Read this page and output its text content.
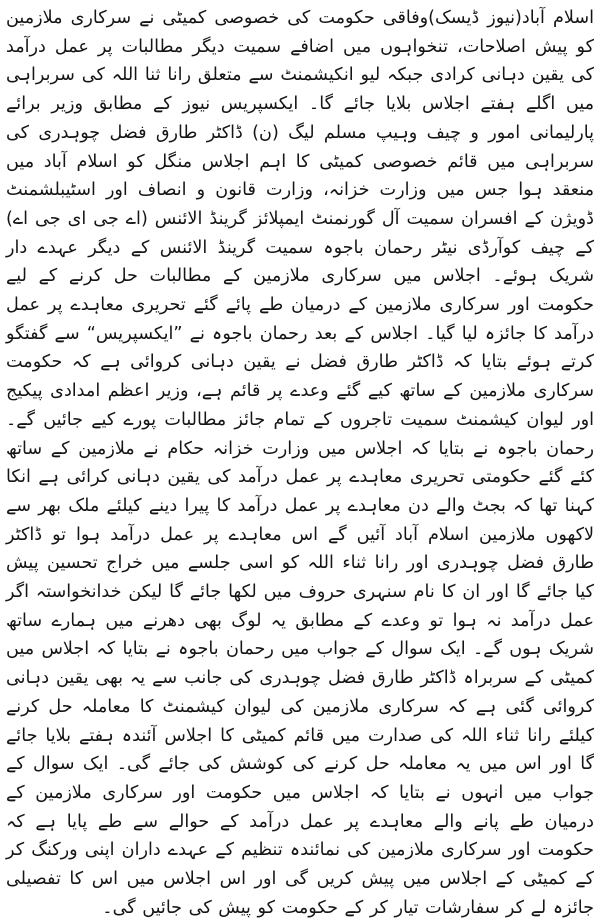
اسلام آباد(نیوز ڈیسک)وفاقی حکومت کی خصوصی کمیٹی نے سرکاری ملازمین کو پیش اصلاحات، تنخواہوں میں اضافے سمیت دیگر مطالبات پر عمل درآمد کی یقین دہانی کرادی جبکہ لیو انکیشمنٹ سے متعلق رانا ثنا اللہ کی سربراہی میں اگلے ہفتے اجلاس بلایا جائے گا۔ ایکسپریس نیوز کے مطابق وزیر برائے پارلیمانی امور و چیف وہیپ مسلم لیگ (ن) ڈاکٹر طارق فضل چوہدری کی سربراہی میں قائم خصوصی کمیٹی کا اہم اجلاس منگل کو اسلام آباد میں منعقد ہوا جس میں وزارت خزانہ، وزارت قانون و انصاف اور اسٹیبلشمنٹ ڈویژن کے افسران سمیت آل گورنمنٹ ایمپلائز گرینڈ الائنس (اے جی ای جی اے) کے چیف کوآرڈی نیٹر رحمان باجوہ سمیت گرینڈ الائنس کے دیگر عہدے دار شریک ہوئے۔ اجلاس میں سرکاری ملازمین کے مطالبات حل کرنے کے لیے حکومت اور سرکاری ملازمین کے درمیان طے پائے گئے تحریری معاہدے پر عمل درآمد کا جائزہ لیا گیا۔ اجلاس کے بعد رحمان باجوہ نے ”ایکسپریس“ سے گفتگو کرتے ہوئے بتایا کہ ڈاکٹر طارق فضل نے یقین دہانی کروائی ہے کہ حکومت سرکاری ملازمین کے ساتھ کیے گئے وعدے پر قائم ہے، وزیر اعظم امدادی پیکیج اور لیوان کیشمنٹ سمیت تاجروں کے تمام جائز مطالبات پورے کیے جائیں گے۔ رحمان باجوہ نے بتایا کہ اجلاس میں وزارت خزانہ حکام نے ملازمین کے ساتھ کئے گئے حکومتی تحریری معاہدے پر عمل درآمد کی یقین دہانی کرائی ہے انکا کہنا تھا کہ بجٹ والے دن معاہدے پر عمل درآمد کا پیرا دینے کیلئے ملک بھر سے لاکھوں ملازمین اسلام آباد آئیں گے اس معاہدے پر عمل درآمد ہوا تو ڈاکٹر طارق فضل چوہدری اور رانا ثناء اللہ کو اسی جلسے میں خراج تحسین پیش کیا جائے گا اور ان کا نام سنہری حروف میں لکھا جائے گا لیکن خدانخواستہ اگر عمل درآمد نہ ہوا تو وعدے کے مطابق یہ لوگ بھی دھرنے میں ہمارے ساتھ شریک ہوں گے۔ ایک سوال کے جواب میں رحمان باجوہ نے بتایا کہ اجلاس میں کمیٹی کے سربراہ ڈاکٹر طارق فضل چوہدری کی جانب سے یہ بھی یقین دہانی کروائی گئی ہے کہ سرکاری ملازمین کی لیوان کیشمنٹ کا معاملہ حل کرنے کیلئے رانا ثناء اللہ کی صدارت میں قائم کمیٹی کا اجلاس آئندہ ہفتے بلایا جائے گا اور اس میں یہ معاملہ حل کرنے کی کوشش کی جائے گی۔ ایک سوال کے جواب میں انہوں نے بتایا کہ اجلاس میں حکومت اور سرکاری ملازمین کے درمیان طے پانے والے معاہدے پر عمل درآمد کے حوالے سے طے پایا ہے کہ حکومت اور سرکاری ملازمین کی نمائندہ تنظیم کے عہدے داران اپنی ورکنگ کر کے کمیٹی کے اجلاس میں پیش کریں گی اور اس اجلاس میں اس کا تفصیلی جائزہ لے کر سفارشات تیار کر کے حکومت کو پیش کی جائیں گی۔
